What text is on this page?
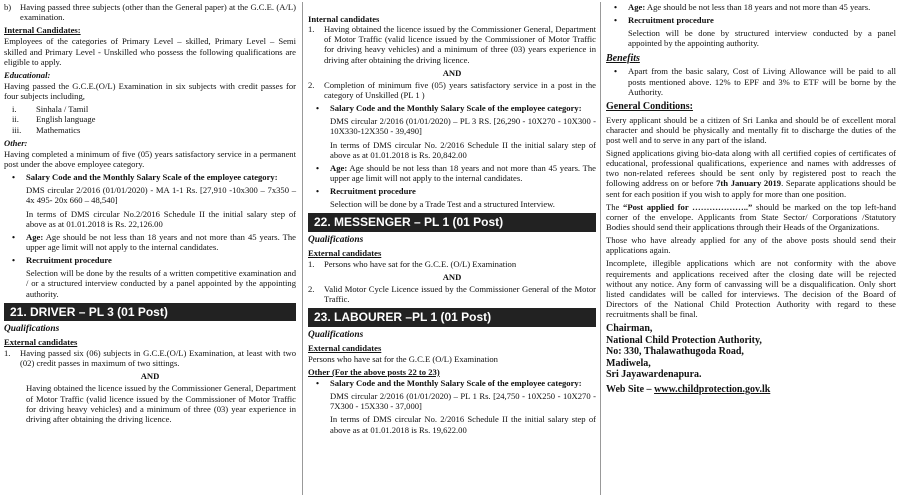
b)	Having passed three subjects (other than the General paper) at the G.C.E. (A/L) examination.
Internal Candidates:

Employees of the categories of Primary Level – skilled, Primary Level – Semi skilled and Primary Level - Unskilled who possess the following qualifications are eligible to apply.

Educational:

Having passed the G.C.E.(O/L) Examination in six subjects with credit passes for four subjects including,

i.	Sinhala / Tamil
ii.	English language
iii.	Mathematics
Other:

Having completed a minimum of five (05) years satisfactory service in a permanent post under the above employee category.

•	Salary Code and the Monthly Salary Scale of the employee category:

DMS circular 2/2016 (01/01/2020) - MA 1-1 Rs. [27,910 -10x300 – 7x350 – 4x 495- 20x 660 – 48,540]

In terms of DMS circular No.2/2016 Schedule II the initial salary step of above as at 01.01.2018 is Rs. 22,126.00

•	Age: Age should be not less than 18 years and not more than 45 years. The upper age limit will not apply to the internal candidates.
•	Recruitment procedure

Selection will be done by the results of a written competitive examination and / or a structured interview conducted by a panel appointed by the appointing authority.

21. DRIVER – PL 3 (01 Post)
Qualifications
External candidates
1.	Having passed six (06) subjects in G.C.E.(O/L) Examination, at least with two (02) credit passes in maximum of two sittings.
AND

Having obtained the licence issued by the Commissioner General, Department of Motor Traffic (valid licence issued by the Commissioner of Motor Traffic for driving heavy vehicles) and a minimum of three (03) year experience in driving after obtaining the driving licence.

Internal candidates
1.	Having obtained the licence issued by the Commissioner General, Department of Motor Traffic (valid licence issued by the Commissioner of Motor Traffic for driving heavy vehicles) and a minimum of three (03) years experience in driving after obtaining the driving licence.
AND
2.	Completion of minimum five (05) years satisfactory service in a post in the category of Unskilled (PL 1 )
•	Salary Code and the Monthly Salary Scale of the employee category:

DMS circular 2/2016 (01/01/2020) – PL 3 RS. [26,290 - 10X270 - 10X300 - 10X330-12X350 - 39,490]

In terms of DMS circular No. 2/2016 Schedule II the initial salary step of above as at 01.01.2018 is Rs. 20,842.00

•	Age: Age should be not less than 18 years and not more than 45 years. The upper age limit will not apply to the internal candidates.
•	Recruitment procedure

Selection will be done by a Trade Test and a structured Interview.

22. MESSENGER – PL 1 (01 Post)
Qualifications
External candidates
1.	Persons who have sat for the G.C.E. (O/L) Examination
AND
2.	Valid Motor Cycle Licence issued by the Commissioner General of the Motor Traffic.
23. LABOURER –PL 1 (01 Post)
Qualifications
External candidates

Persons who have sat for the G.C.E (O/L) Examination

Other (For the above posts 22 to 23)
•	Salary Code and the Monthly Salary Scale of the employee category:

DMS circular 2/2016 (01/01/2020) – PL 1 Rs. [24,750 - 10X250 - 10X270 - 7X300 - 15X330 - 37,000]

In terms of DMS circular No. 2/2016 Schedule II the initial salary step of above as at 01.01.2018 is Rs. 19,622.00

•	Age: Age should be not less than 18 years and not more than 45 years.
•	Recruitment procedure

Selection will be done by structured interview conducted by a panel appointed by the appointing authority.

Benefits
•	Apart from the basic salary, Cost of Living Allowance will be paid to all posts mentioned above. 12% to EPF and 3% to ETF will be borne by the Authority.
General Conditions:

Every applicant should be a citizen of Sri Lanka and should be of excellent moral character and should be physically and mentally fit to discharge the duties of the post well and to serve in any part of the island.

Signed applications giving bio-data along with all certified copies of certificates of educational, professional qualifications, experience and names with addresses of two non-related referees should be sent only by registered post to reach the following address on or before 7th January 2019. Separate applications should be sent for each position if you wish to apply for more than one position.

The “Post applied for ………………..” should be marked on the top left-hand corner of the envelope. Applicants from State Sector/ Corporations /Statutory Bodies should send their applications through their Heads of the Organizations.

Those who have already applied for any of the above posts should send their applications again.

Incomplete, illegible applications which are not conformity with the above requirements and applications received after the closing date will be rejected without any notice. Any form of canvassing will be a disqualification. Only short listed candidates will be called for interviews. The decision of the Board of Directors of the National Child Protection Authority with regard to these recruitments shall be final.

Chairman,
National Child Protection Authority,
No: 330, Thalawathugoda Road,
Madiwela,
Sri Jayawardenapura.
Web Site – www.childprotection.gov.lk
